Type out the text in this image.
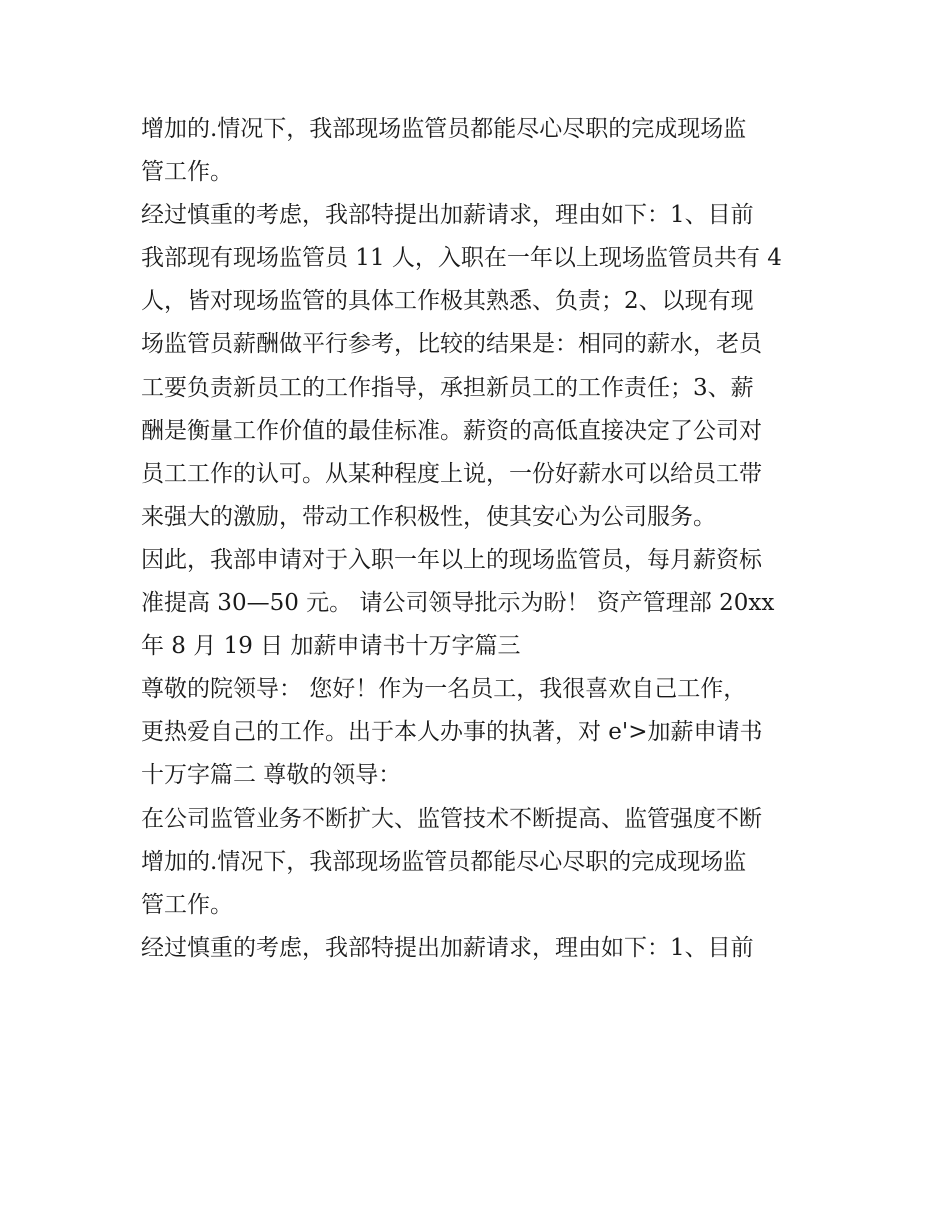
增加的.情况下，我部现场监管员都能尽心尽职的完成现场监
管工作。
经过慎重的考虑，我部特提出加薪请求，理由如下：1、目前
我部现有现场监管员 11 人，入职在一年以上现场监管员共有 4
人，皆对现场监管的具体工作极其熟悉、负责；2、以现有现
场监管员薪酬做平行参考，比较的结果是：相同的薪水，老员
工要负责新员工的工作指导，承担新员工的工作责任；3、薪
酬是衡量工作价值的最佳标准。薪资的高低直接决定了公司对
员工工作的认可。从某种程度上说，一份好薪水可以给员工带
来强大的激励，带动工作积极性，使其安心为公司服务。
因此，我部申请对于入职一年以上的现场监管员，每月薪资标
准提高 30—50 元。 请公司领导批示为盼！ 资产管理部 20xx
年 8 月 19 日 加薪申请书十万字篇三
尊敬的院领导： 您好！作为一名员工，我很喜欢自己工作，
更热爱自己的工作。出于本人办事的执著，对 e'>加薪申请书
十万字篇二 尊敬的领导：
在公司监管业务不断扩大、监管技术不断提高、监管强度不断
增加的.情况下，我部现场监管员都能尽心尽职的完成现场监
管工作。
经过慎重的考虑，我部特提出加薪请求，理由如下：1、目前
